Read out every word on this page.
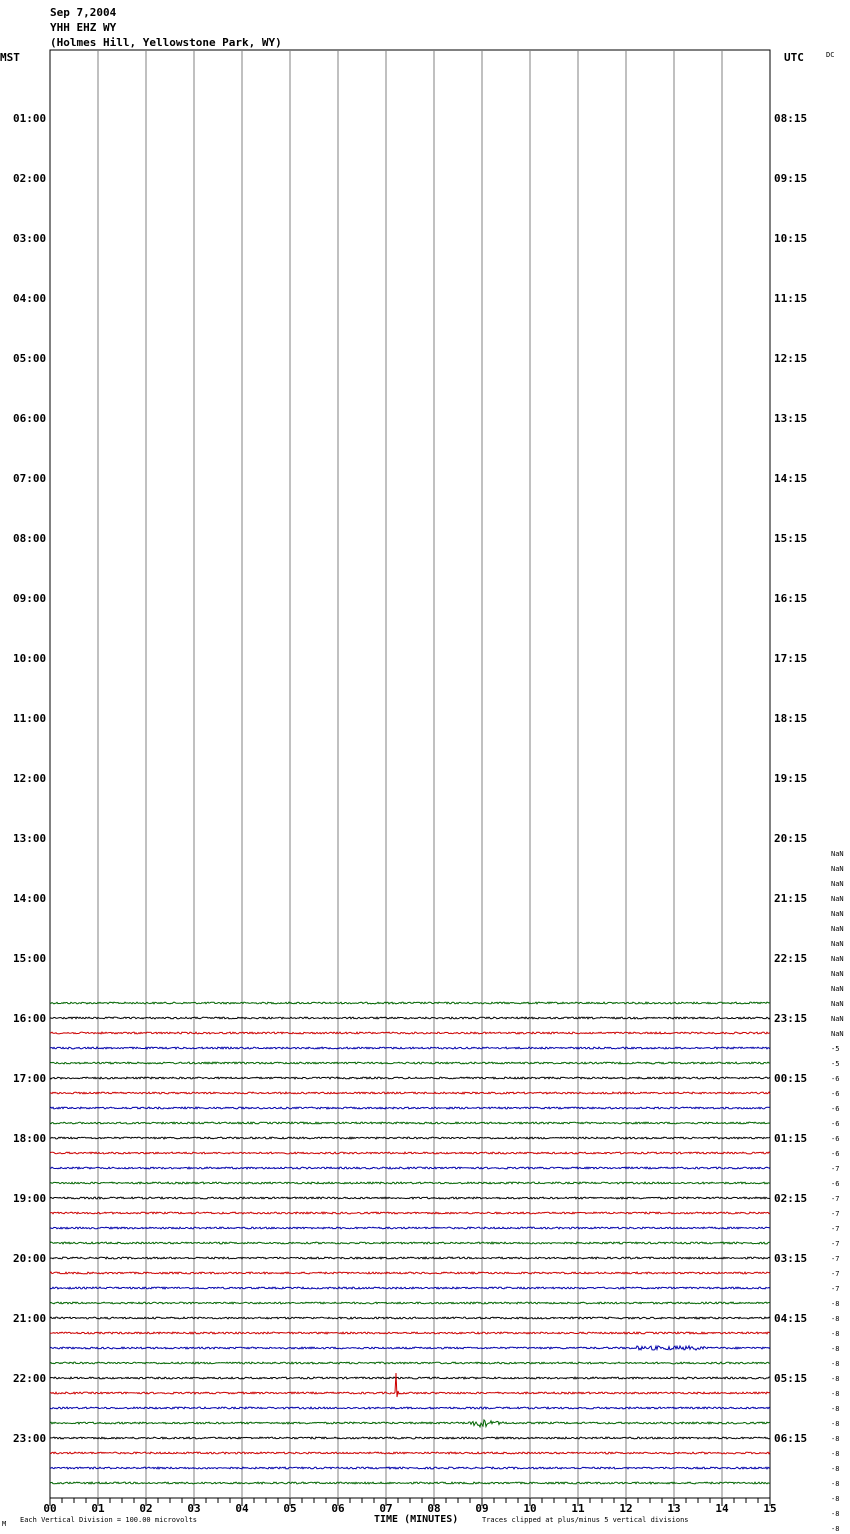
Sep 7,2004
YHH EHZ WY
(Holmes Hill, Yellowstone Park, WY)
MST	UTC	DC
01:00
02:00
03:00
04:00
05:00
06:00
07:00
08:00
09:00
10:00
11:00
12:00
13:00
14:00
15:00
16:00
17:00
18:00
19:00
20:00
21:00
22:00
23:00
08:15
09:15
10:15
11:15
12:15
13:15
14:15
15:15
16:15
17:15
18:15
19:15
20:15
21:15
22:15
23:15
00:15
01:15
02:15
03:15
04:15
05:15
06:15
NaN
NaN
NaN
NaN
NaN
NaN
NaN
NaN
NaN
NaN
NaN
NaN
NaN
-5
-5
-6
-6
-6
-6
-6
-6
-7
-6
-7
-7
-7
-7
-7
-7
-7
-8
-8
-8
-8
-8
-8
-8
-8
-8
-8
-8
-8
-8
-8
-8
-8
00	01	02	03	04	05	06	07	08	09	10	11	12	13	14	15
Each Vertical Division = 100.00 microvolts	TIME (MINUTES)	Traces clipped at plus/minus 5 vertical divisions
M
